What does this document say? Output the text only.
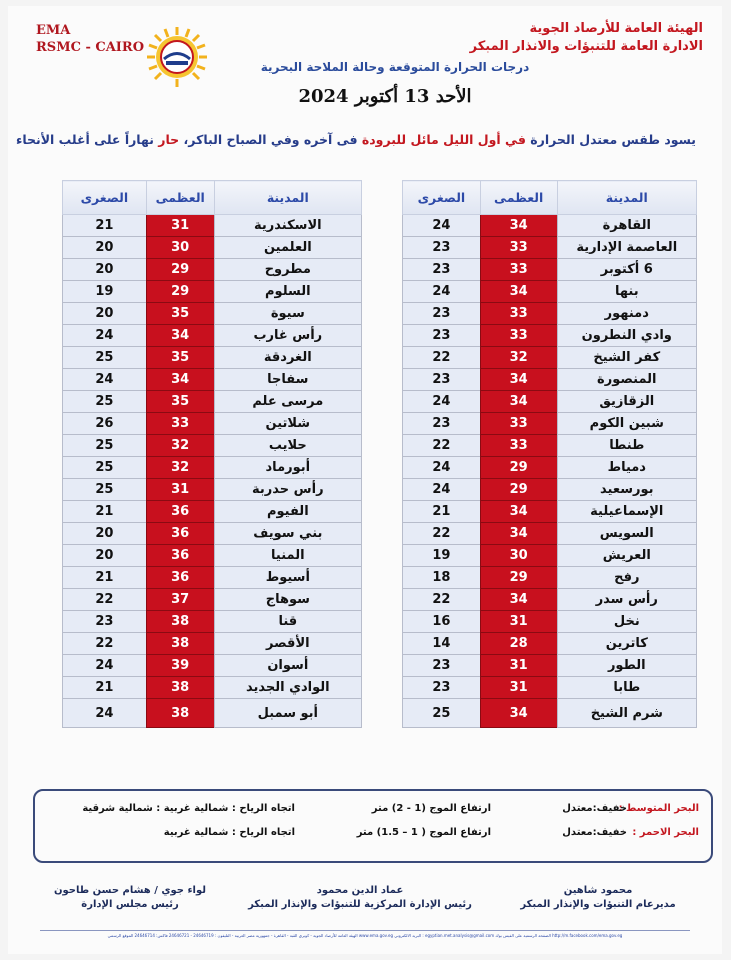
EMA
RSMC - CAIRO
الهيئة العامة للأرصاد الجوية
الادارة العامة للتنبؤات والانذار المبكر
درجات الحرارة المتوقعة وحالة الملاحة البحرية
الأحد 13 أكتوبر 2024
يسود طقس معتدل الحرارة في أول الليل مائل للبرودة فى آخره وفي الصباح الباكر، حار نهاراً على أغلب الأنحاء
المدينة	العظمى	الصغرى
القاهرة	34	24
العاصمة الإدارية	33	23
6 أكتوبر	33	23
بنها	34	24
دمنهور	33	23
وادي النطرون	33	23
كفر الشيخ	32	22
المنصورة	34	23
الزقازيق	34	24
شبين الكوم	33	23
طنطا	33	22
دمياط	29	24
بورسعيد	29	24
الإسماعيلية	34	21
السويس	34	22
العريش	30	19
رفح	29	18
رأس سدر	34	22
نخل	31	16
كاترين	28	14
الطور	31	23
طابا	31	23
شرم الشيخ	34	25
المدينة	العظمى	الصغرى
الاسكندرية	31	21
العلمين	30	20
مطروح	29	20
السلوم	29	19
سيوة	35	20
رأس غارب	34	24
الغردقة	35	25
سفاجا	34	24
مرسى علم	35	25
شلاتين	33	26
حلايب	32	25
أبورماد	32	25
رأس حدربة	31	25
الفيوم	36	21
بني سويف	36	20
المنيا	36	20
أسيوط	36	21
سوهاج	37	22
قنا	38	23
الأقصر	38	22
أسوان	39	24
الوادي الجديد	38	21
أبو سمبل	38	24
البحر المتوسط :
خفيف:معتدل
ارتفاع الموج (1 - 2) متر
اتجاه الرياح : شمالية غربية : شمالية شرقية
البحر الاحمر :
خفيف:معتدل
ارتفاع الموج ( 1 – 1.5) متر
اتجاه الرياح : شمالية غربية
محمود شاهين
مديرعام التنبؤات والإنذار المبكر
عماد الدين محمود
رئيس الإدارة المركزية للتنبؤات والإنذار المبكر
لواء جوي / هشام حسن طاحون
رئيس مجلس الإدارة
الهيئة العامة للأرصاد الجوية - كوبري القبة - القاهرة - جمهورية مصر العربية - التليفون : 24646719 - 24646721 فاكس: 24646714 الموقع الرسمي www.ema.gov.eg البريد الالكتروني : egyptian.met.analysis@gmail.com الصفحة الرسمية على الفيس بوك http://m.facebook.com/ema.gov.eg
